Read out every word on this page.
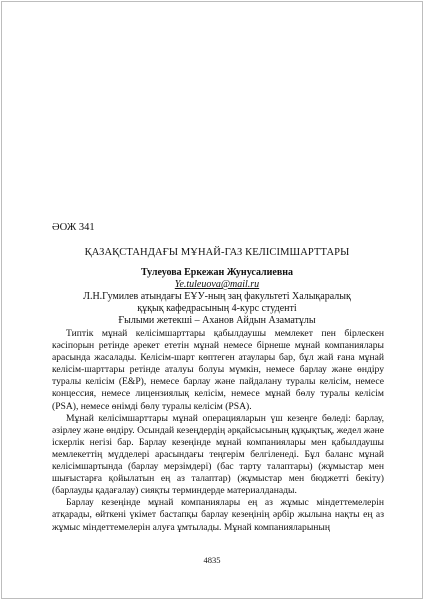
ӘОЖ 341
ҚАЗАҚСТАНДАҒЫ МҰНАЙ-ГАЗ КЕЛІСІМШАРТТАРЫ
Тулеуова Еркежан Жунусалиевна
Ye.tuleuova@mail.ru
Л.Н.Гумилев атындағы ЕҰУ-ның заң факультеті Халықаралық
құқық кафедрасының 4-курс студенті
Ғылыми жетекші – Аханов Айдын Азаматұлы

Типтік мұнай келісімшарттары қабылдаушы мемлекет пен бірлескен кәсіпорын ретінде әрекет ететін мұнай немесе бірнеше мұнай компаниялары арасында жасалады. Келісім-шарт көптеген атаулары бар, бұл жай ғана мұнай келісім-шарттары ретінде аталуы болуы мүмкін, немесе барлау және өндіру туралы келісім (E&P), немесе барлау және пайдалану туралы келісім, немесе концессия, немесе лицензиялық келісім, немесе мұнай бөлу туралы келісім (PSA), немесе өнімді бөлу туралы келісім (PSA).

Мұнай келісімшарттары мұнай операцияларын үш кезеңге бөледі: барлау, әзірлеу және өндіру. Осындай кезеңдердің әрқайсысының құқықтық, жедел және іскерлік негізі бар. Барлау кезеңінде мұнай компаниялары мен қабылдаушы мемлекеттің мүдделері арасындағы теңгерім белгіленеді. Бұл баланс мұнай келісімшартында (барлау мерзімдері) (бас тарту талаптары) (жұмыстар мен шығыстарға қойылатын ең аз талаптар) (жұмыстар мен бюджетті бекіту) (барлауды қадағалау) сияқты терминдерде материалданады.

Барлау кезеңінде мұнай компаниялары ең аз жұмыс міндеттемелерін атқарады, өйткені үкімет бастапқы барлау кезеңінің әрбір жылына нақты ең аз жұмыс міндеттемелерін алуға ұмтылады. Мұнай компанияларының

4835
